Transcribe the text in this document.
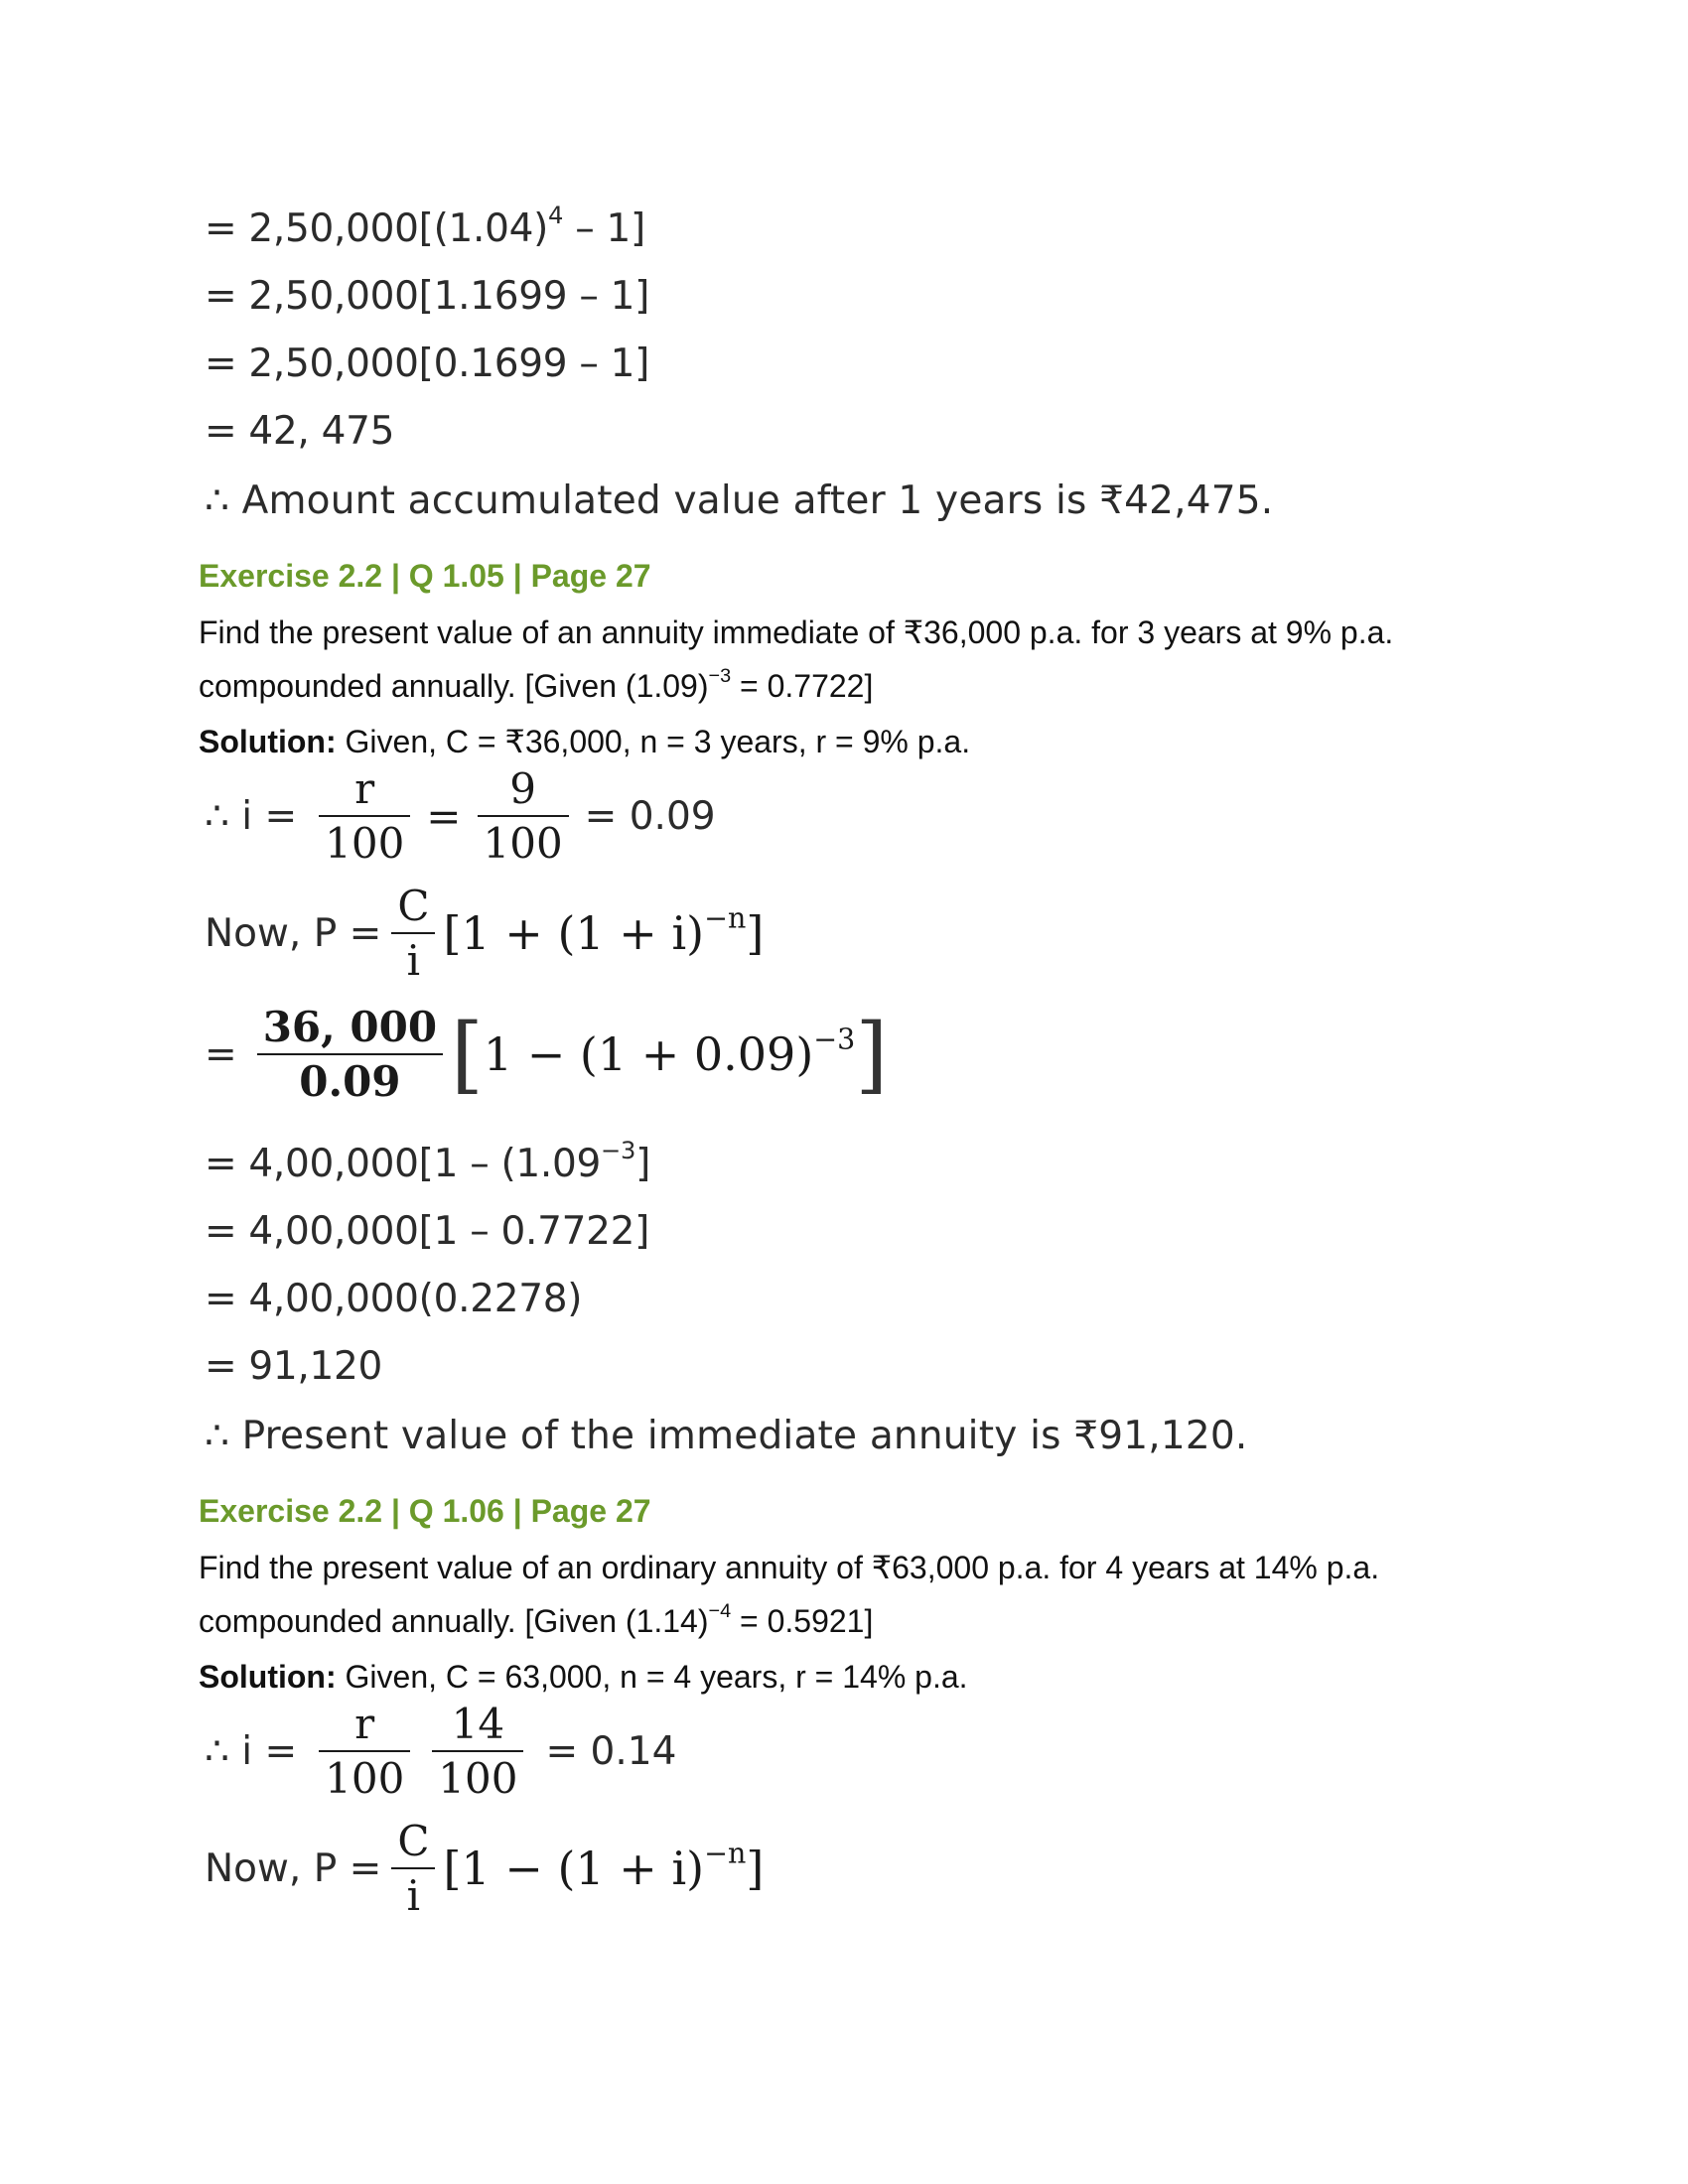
= $2,50,000[(1.04)^4 - 1]$
= 2,50,000[1.1699 – 1]
= 2,50,000[0.1699 – 1]
= 42, 475
∴ Amount accumulated value after 1 years is ₹42,475.
Exercise 2.2 | Q 1.05 | Page 27
Find the present value of an annuity immediate of ₹36,000 p.a. for 3 years at 9% p.a.
compounded annually. [Given $(1.09)^{-3} = 0.7722$]
Solution: Given, C = ₹36,000, n = 3 years, r = 9% p.a.
∴ $i = \frac{r}{100} = \frac{9}{100} = 0.09$
Now, $P = \frac{C}{i} [1 + (1 + i)^{-n}]$
= $\frac{36, 000}{0.09}$ [ $1 - (1 + 0.09)^{-3}$ ]
= $4,00,000[1 - (1.09^{-3}]$
= 4,00,000[1 – 0.7722]
= 4,00,000(0.2278)
= 91,120
∴ Present value of the immediate annuity is ₹91,120.
Exercise 2.2 | Q 1.06 | Page 27
Find the present value of an ordinary annuity of ₹63,000 p.a. for 4 years at 14% p.a.
compounded annually. [Given $(1.14)^{-4} = 0.5921$]
Solution: Given, C = 63,000, n = 4 years, r = 14% p.a.
∴ $i = \frac{r}{100} \frac{14}{100} = 0.14$
Now, $P = \frac{C}{i} [1 - (1 + i)^{-n}]$
